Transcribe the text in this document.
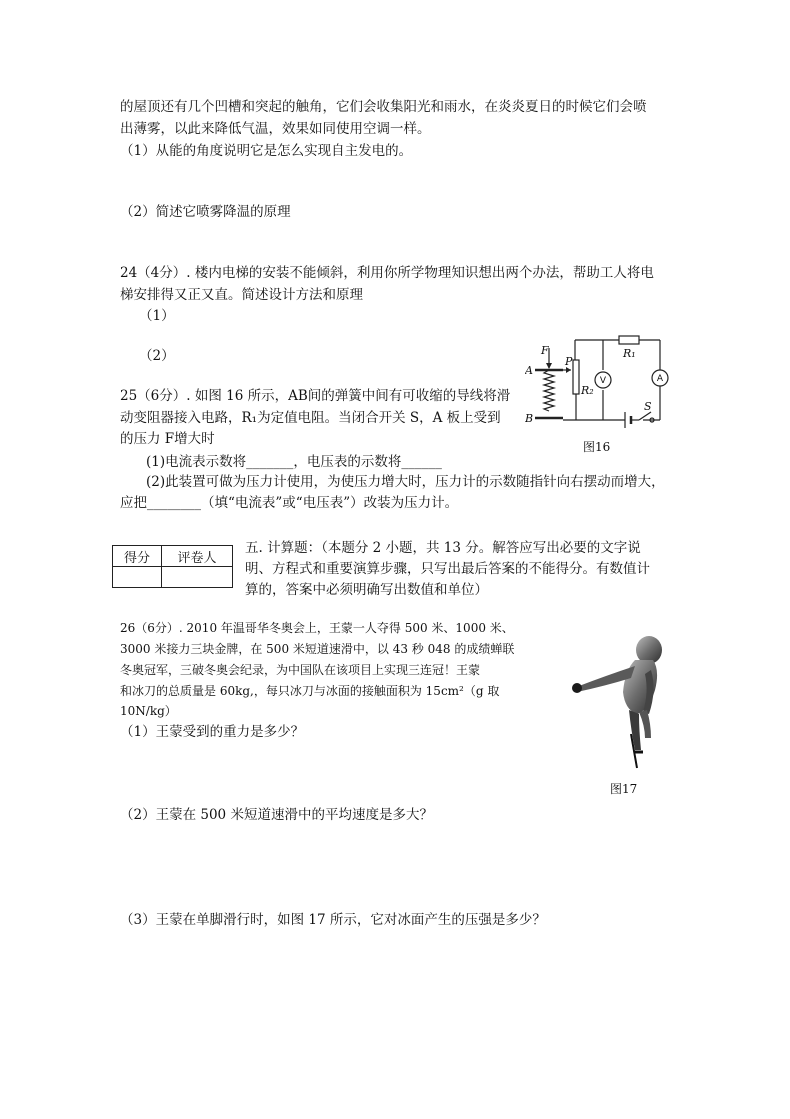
的屋顶还有几个凹槽和突起的触角，它们会收集阳光和雨水，在炎炎夏日的时候它们会喷
出薄雾，以此来降低气温，效果如同使用空调一样。
（1）从能的角度说明它是怎么实现自主发电的。
（2）简述它喷雾降温的原理
24（4分）. 楼内电梯的安装不能倾斜，利用你所学物理知识想出两个办法，帮助工人将电
梯安排得又正又直。简述设计方法和原理
（1）
（2）
25（6分）. 如图 16 所示，AB间的弹簧中间有可收缩的导线将滑
动变阻器接入电路，R₁为定值电阻。当闭合开关 S，A 板上受到
的压力 F增大时
(1)电流表示数将_______，电压表的示数将______
(2)此装置可做为压力计使用，为使压力增大时，压力计的示数随指针向右摆动而增大，
应把________（填“电流表”或“电压表”）改装为压力计。
F
P
A
B
R₁
R₂
S
V	A
图16
得分	评卷人

五. 计算题：（本题分 2 小题，共 13 分。解答应写出必要的文字说
明、方程式和重要演算步骤，只写出最后答案的不能得分。有数值计
算的，答案中必须明确写出数值和单位）
26（6分）. 2010 年温哥华冬奥会上，王蒙一人夺得 500 米、1000 米、
3000 米接力三块金牌，在 500 米短道速滑中，以 43 秒 048 的成绩蝉联
冬奥冠军，三破冬奥会纪录，为中国队在该项目上实现三连冠！王蒙
和冰刀的总质量是 60kg,，每只冰刀与冰面的接触面积为 15cm²（g 取
10N/kg）
（1）王蒙受到的重力是多少？
图17
（2）王蒙在 500 米短道速滑中的平均速度是多大？
（3）王蒙在单脚滑行时，如图 17 所示，它对冰面产生的压强是多少？
